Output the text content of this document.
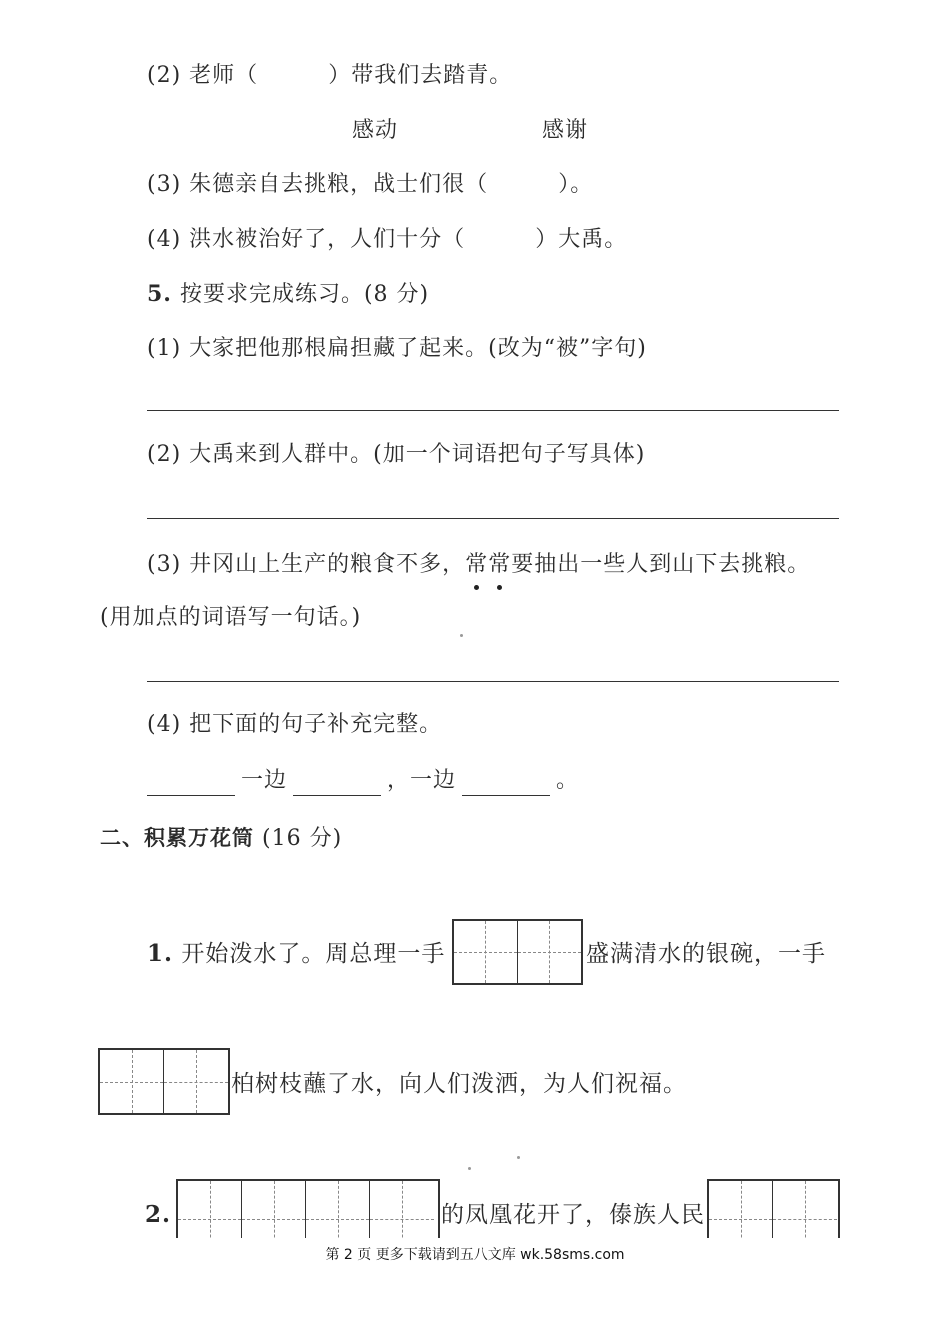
(2) 老师（	）带我们去踏青。
感动	感谢
(3) 朱德亲自去挑粮，战士们很（	）。
(4) 洪水被治好了，人们十分（	）大禹。
5. 按要求完成练习。(8 分)
(1) 大家把他那根扁担藏了起来。(改为“被”字句)
(2) 大禹来到人群中。(加一个词语把句子写具体)
(3) 井冈山上生产的粮食不多，常常要抽出一些人到山下去挑粮。
(用加点的词语写一句话。)
(4) 把下面的句子补充完整。
一边	，一边	。
二、积累万花筒 (16 分)
1. 开始泼水了。周总理一手	盛满清水的银碗，一手
柏树枝蘸了水，向人们泼洒，为人们祝福。
2.	的凤凰花开了，傣族人民
第 2 页 更多下载请到五八文库 wk.58sms.com
